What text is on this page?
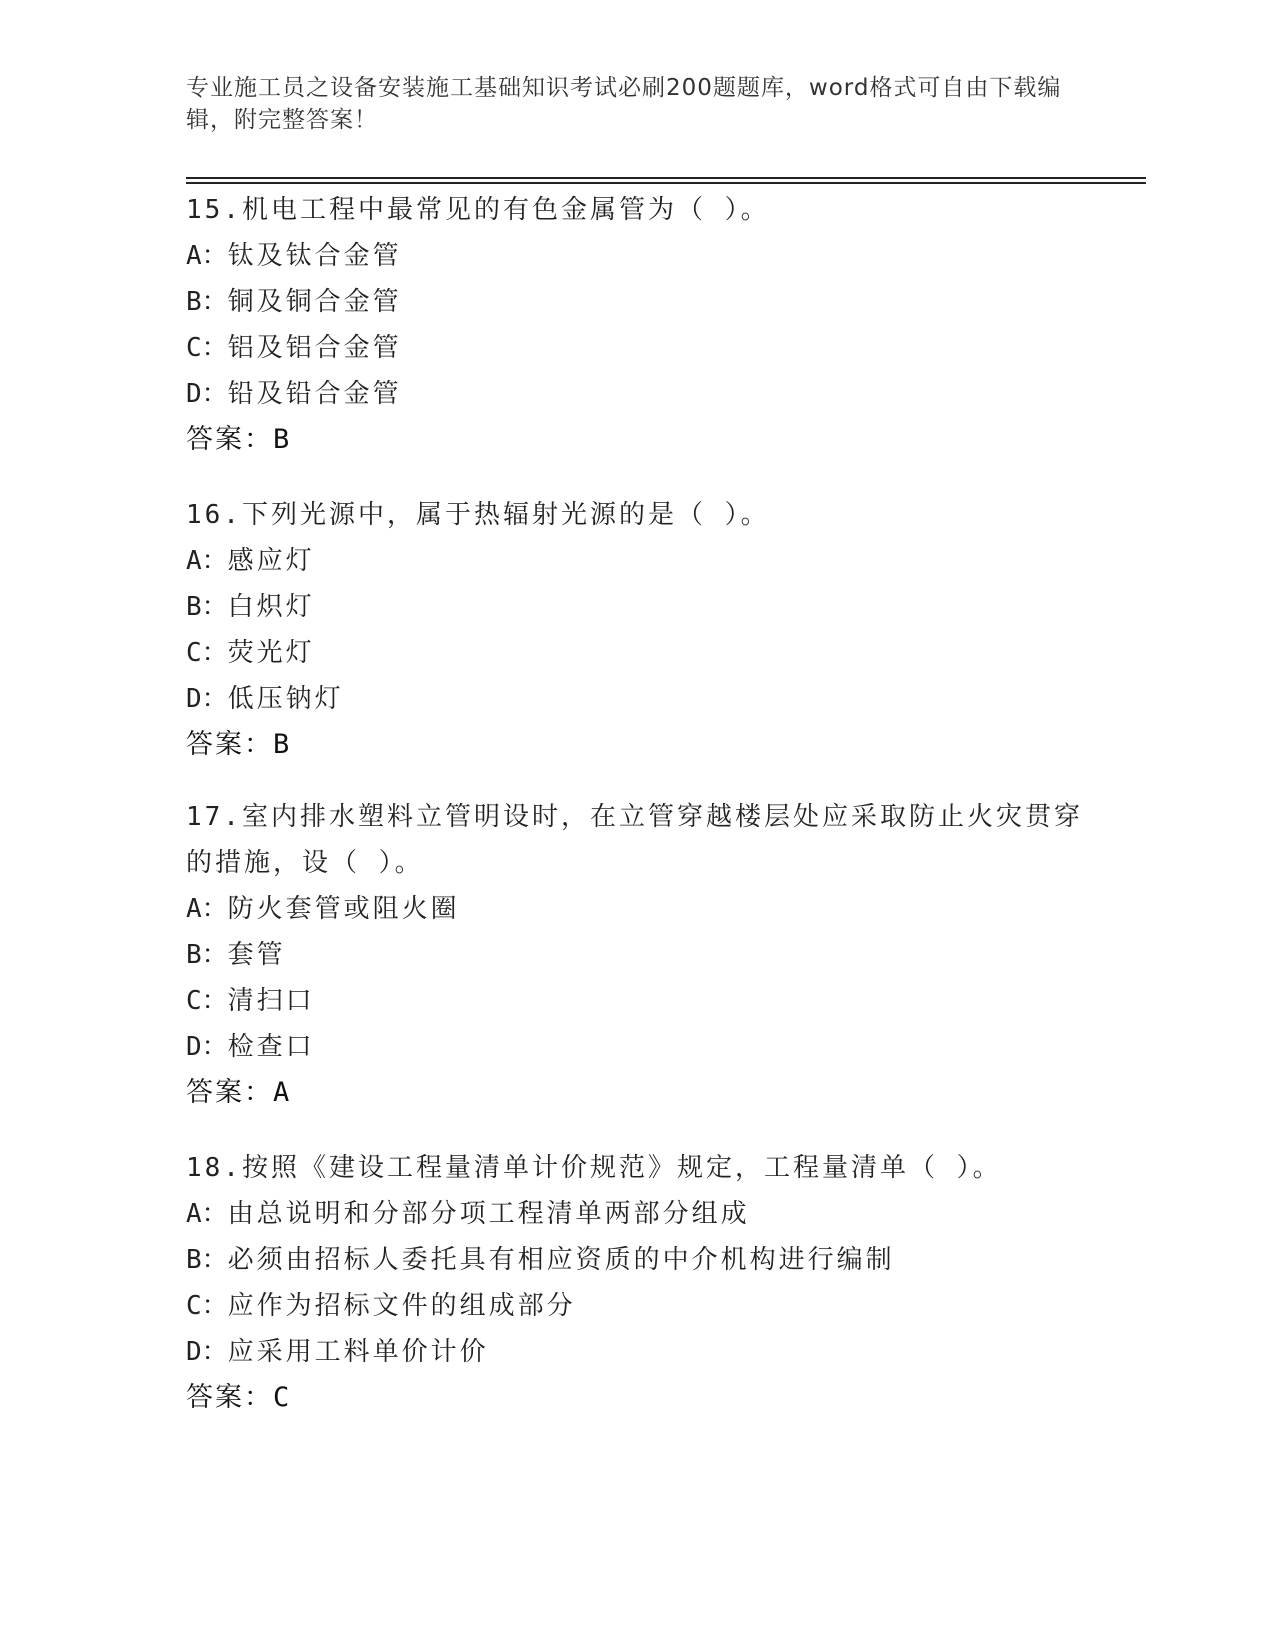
专业施工员之设备安装施工基础知识考试必刷200题题库，word格式可自由下载编辑，附完整答案！
15.机电工程中最常见的有色金属管为（ ）。
A：钛及钛合金管
B：铜及铜合金管
C：铝及铝合金管
D：铅及铅合金管
答案：B
16.下列光源中，属于热辐射光源的是（ ）。
A：感应灯
B：白炽灯
C：荧光灯
D：低压钠灯
答案：B
17.室内排水塑料立管明设时，在立管穿越楼层处应采取防止火灾贯穿的措施，设（ ）。
A：防火套管或阻火圈
B：套管
C：清扫口
D：检查口
答案：A
18.按照《建设工程量清单计价规范》规定，工程量清单（ ）。
A：由总说明和分部分项工程清单两部分组成
B：必须由招标人委托具有相应资质的中介机构进行编制
C：应作为招标文件的组成部分
D：应采用工料单价计价
答案：C
